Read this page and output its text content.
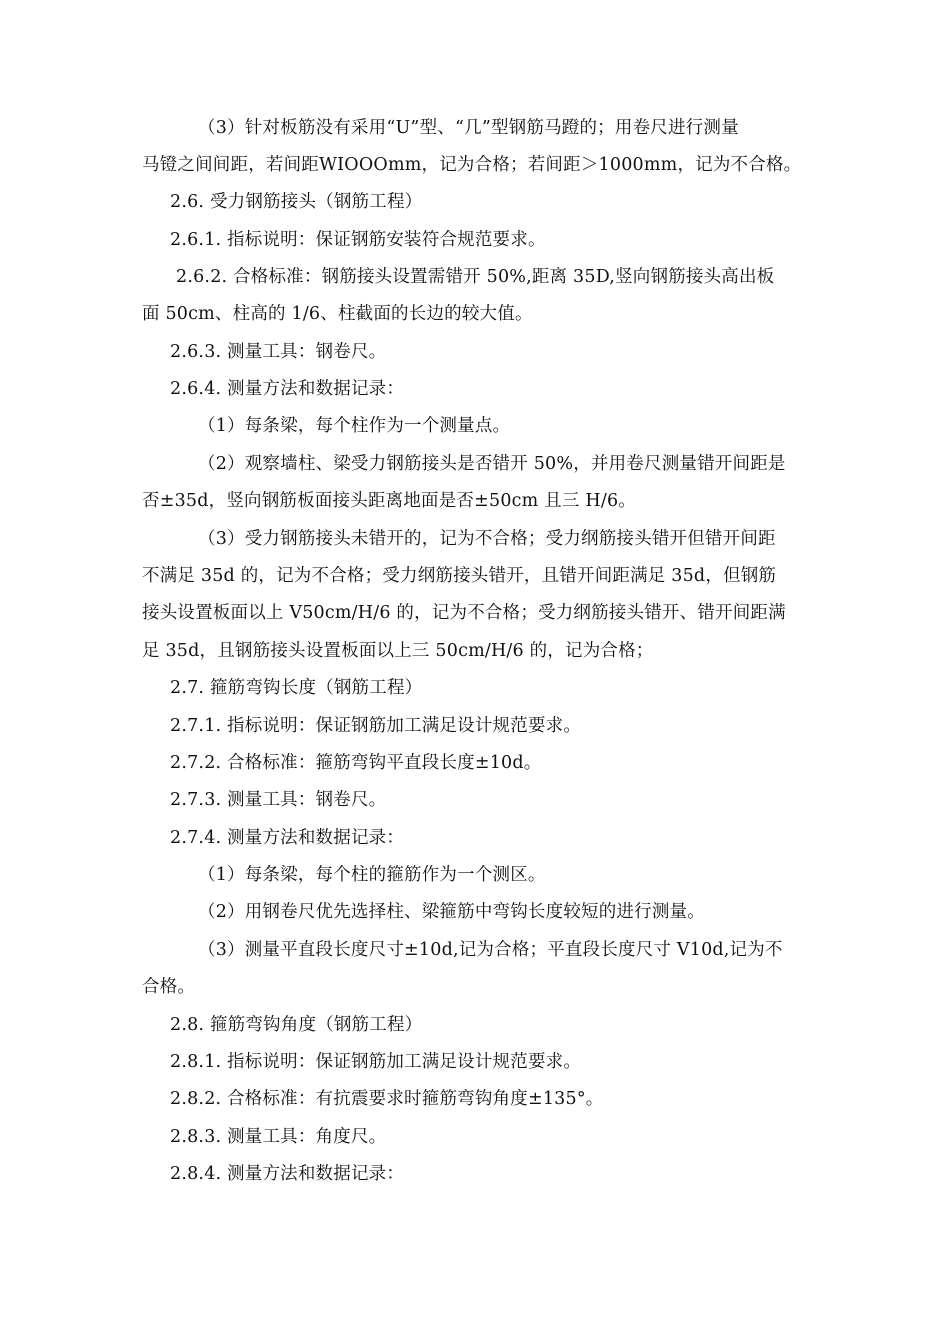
（3）针对板筋没有采用“U”型、“几”型钢筋马蹬的；用卷尺进行测量
马镫之间间距，若间距WIOOOmm，记为合格；若间距＞1000mm，记为不合格。
2.6. 受力钢筋接头（钢筋工程）
2.6.1. 指标说明：保证钢筋安装符合规范要求。
2.6.2. 合格标准：钢筋接头设置需错开 50%,距离 35D,竖向钢筋接头高出板
面 50cm、柱高的 1/6、柱截面的长边的较大值。
2.6.3. 测量工具：钢卷尺。
2.6.4. 测量方法和数据记录：
（1）每条梁，每个柱作为一个测量点。
（2）观察墙柱、梁受力钢筋接头是否错开 50%，并用卷尺测量错开间距是
否±35d，竖向钢筋板面接头距离地面是否±50cm 且三 H/6。
（3）受力钢筋接头未错开的，记为不合格；受力纲筋接头错开但错开间距
不满足 35d 的，记为不合格；受力纲筋接头错开，且错开间距满足 35d，但钢筋
接头设置板面以上 V50cm/H/6 的，记为不合格；受力纲筋接头错开、错开间距满
足 35d，且钢筋接头设置板面以上三 50cm/H/6 的，记为合格；
2.7. 箍筋弯钩长度（钢筋工程）
2.7.1. 指标说明：保证钢筋加工满足设计规范要求。
2.7.2. 合格标准：箍筋弯钩平直段长度±10d。
2.7.3. 测量工具：钢卷尺。
2.7.4. 测量方法和数据记录：
（1）每条梁，每个柱的箍筋作为一个测区。
（2）用钢卷尺优先选择柱、梁箍筋中弯钩长度较短的进行测量。
（3）测量平直段长度尺寸±10d,记为合格；平直段长度尺寸 V10d,记为不
合格。
2.8. 箍筋弯钩角度（钢筋工程）
2.8.1. 指标说明：保证钢筋加工满足设计规范要求。
2.8.2. 合格标准：有抗震要求时箍筋弯钩角度±135°。
2.8.3. 测量工具：角度尺。
2.8.4. 测量方法和数据记录：
